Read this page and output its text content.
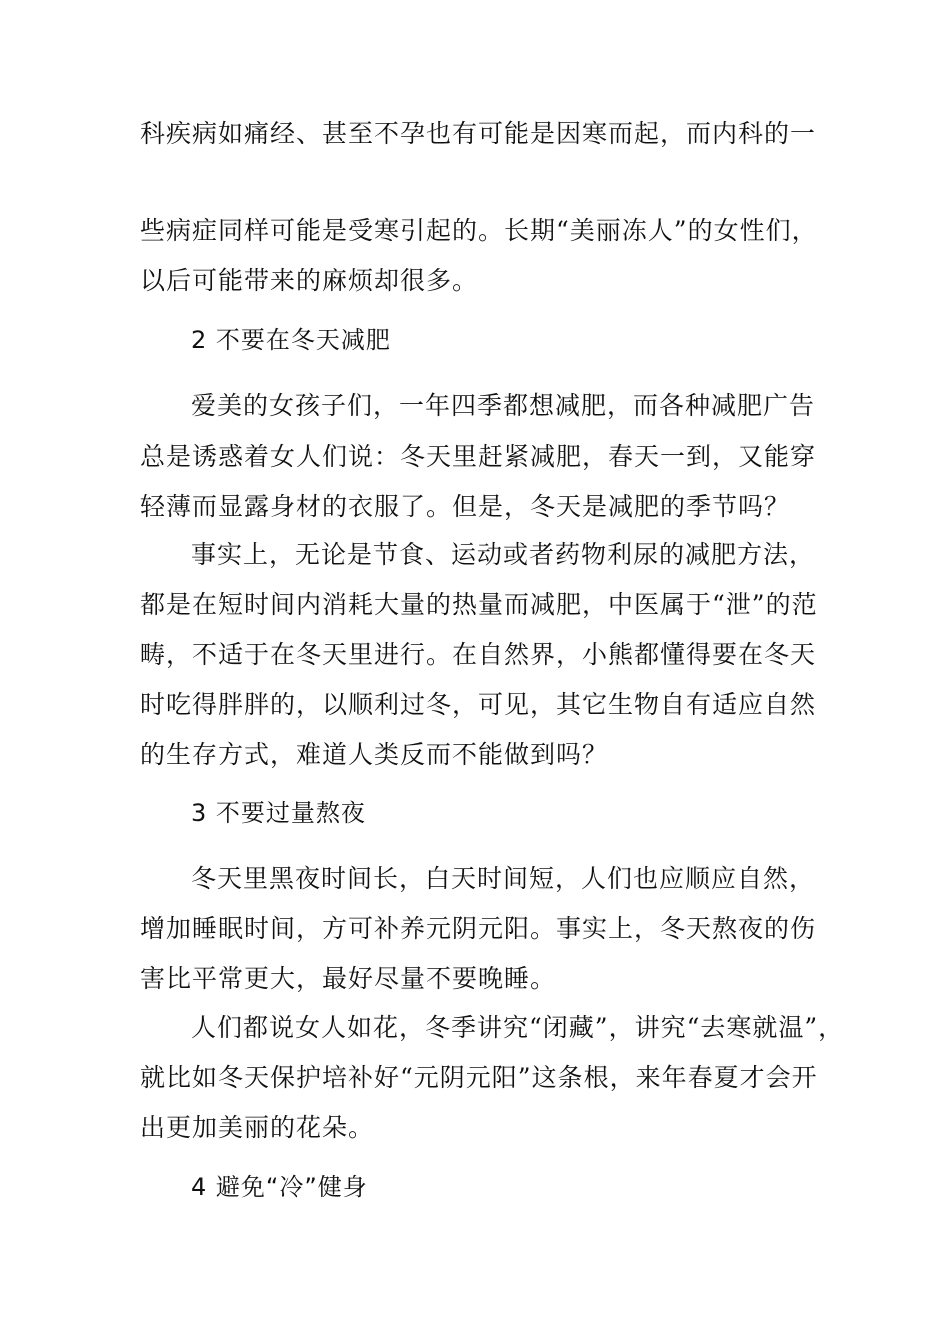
科疾病如痛经、甚至不孕也有可能是因寒而起，而内科的一
些病症同样可能是受寒引起的。长期“美丽冻人”的女性们，
以后可能带来的麻烦却很多。
2 不要在冬天减肥
爱美的女孩子们，一年四季都想减肥，而各种减肥广告
总是诱惑着女人们说：冬天里赶紧减肥，春天一到，又能穿
轻薄而显露身材的衣服了。但是，冬天是减肥的季节吗？
事实上，无论是节食、运动或者药物利尿的减肥方法，
都是在短时间内消耗大量的热量而减肥，中医属于“泄”的范
畴，不适于在冬天里进行。在自然界，小熊都懂得要在冬天
时吃得胖胖的，以顺利过冬，可见，其它生物自有适应自然
的生存方式，难道人类反而不能做到吗？
3 不要过量熬夜
冬天里黑夜时间长，白天时间短，人们也应顺应自然，
增加睡眠时间，方可补养元阴元阳。事实上，冬天熬夜的伤
害比平常更大，最好尽量不要晚睡。
人们都说女人如花，冬季讲究“闭藏”，讲究“去寒就温”，
就比如冬天保护培补好“元阴元阳”这条根，来年春夏才会开
出更加美丽的花朵。
4 避免“冷”健身
